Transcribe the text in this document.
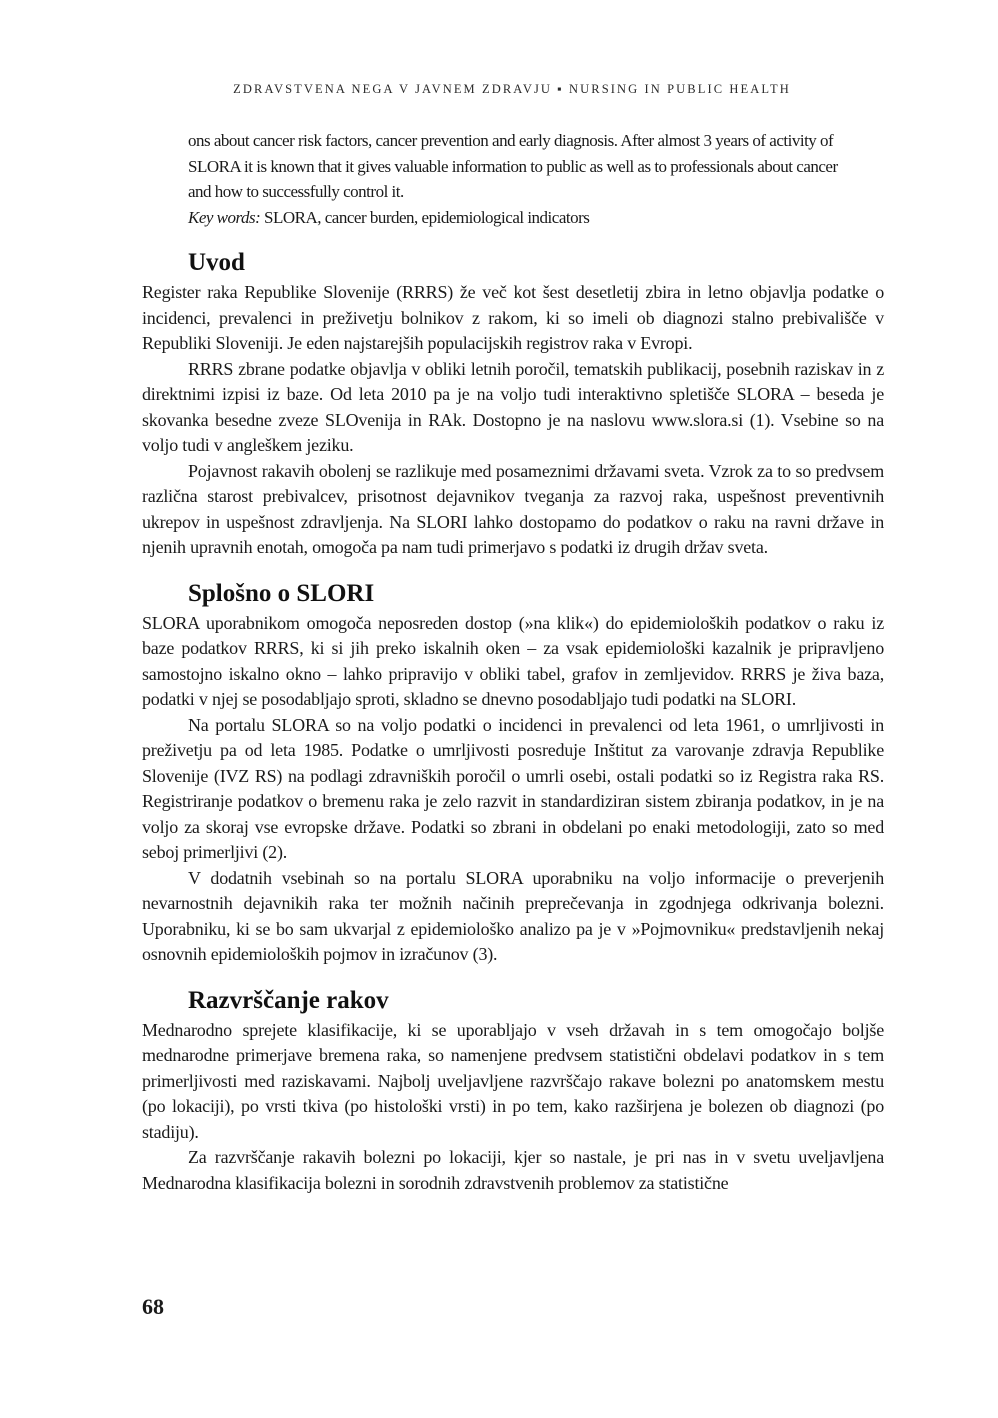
ZDRAVSTVENA NEGA V JAVNEM ZDRAVJU ▪ NURSING IN PUBLIC HEALTH

ons about cancer risk factors, cancer prevention and early diagnosis. After almost 3 years of activity of SLORA it is known that it gives valuable information to public as well as to professionals about cancer and how to successfully control it.

Key words: SLORA, cancer burden, epidemiological indicators

Uvod

Register raka Republike Slovenije (RRRS) že več kot šest desetletij zbira in letno objavlja podatke o incidenci, prevalenci in preživetju bolnikov z rakom, ki so imeli ob diagnozi stalno prebivališče v Republiki Sloveniji. Je eden najstarejših populacijskih registrov raka v Evropi.

RRRS zbrane podatke objavlja v obliki letnih poročil, tematskih publikacij, posebnih raziskav in z direktnimi izpisi iz baze. Od leta 2010 pa je na voljo tudi interaktivno spletišče SLORA – beseda je skovanka besedne zveze SLOvenija in RAk. Dostopno je na naslovu www.slora.si (1). Vsebine so na voljo tudi v angleškem jeziku.

Pojavnost rakavih obolenj se razlikuje med posameznimi državami sveta. Vzrok za to so predvsem različna starost prebivalcev, prisotnost dejavnikov tveganja za razvoj raka, uspešnost preventivnih ukrepov in uspešnost zdravljenja. Na SLORI lahko dostopamo do podatkov o raku na ravni države in njenih upravnih enotah, omogoča pa nam tudi primerjavo s podatki iz drugih držav sveta.

Splošno o SLORI

SLORA uporabnikom omogoča neposreden dostop (»na klik«) do epidemioloških podatkov o raku iz baze podatkov RRRS, ki si jih preko iskalnih oken – za vsak epidemiološki kazalnik je pripravljeno samostojno iskalno okno – lahko pripravijo v obliki tabel, grafov in zemljevidov. RRRS je živa baza, podatki v njej se posodabljajo sproti, skladno se dnevno posodabljajo tudi podatki na SLORI.

Na portalu SLORA so na voljo podatki o incidenci in prevalenci od leta 1961, o umrljivosti in preživetju pa od leta 1985. Podatke o umrljivosti posreduje Inštitut za varovanje zdravja Republike Slovenije (IVZ RS) na podlagi zdravniških poročil o umrli osebi, ostali podatki so iz Registra raka RS. Registriranje podatkov o bremenu raka je zelo razvit in standardiziran sistem zbiranja podatkov, in je na voljo za skoraj vse evropske države. Podatki so zbrani in obdelani po enaki metodologiji, zato so med seboj primerljivi (2).

V dodatnih vsebinah so na portalu SLORA uporabniku na voljo informacije o preverjenih nevarnostnih dejavnikih raka ter možnih načinih preprečevanja in zgodnjega odkrivanja bolezni. Uporabniku, ki se bo sam ukvarjal z epidemiološko analizo pa je v »Pojmovniku« predstavljenih nekaj osnovnih epidemioloških pojmov in izračunov (3).

Razvrščanje rakov

Mednarodno sprejete klasifikacije, ki se uporabljajo v vseh državah in s tem omogočajo boljše mednarodne primerjave bremena raka, so namenjene predvsem statistični obdelavi podatkov in s tem primerljivosti med raziskavami. Najbolj uveljavljene razvrščajo rakave bolezni po anatomskem mestu (po lokaciji), po vrsti tkiva (po histološki vrsti) in po tem, kako razširjena je bolezen ob diagnozi (po stadiju).

Za razvrščanje rakavih bolezni po lokaciji, kjer so nastale, je pri nas in v svetu uveljavljena Mednarodna klasifikacija bolezni in sorodnih zdravstvenih problemov za statistične

68
